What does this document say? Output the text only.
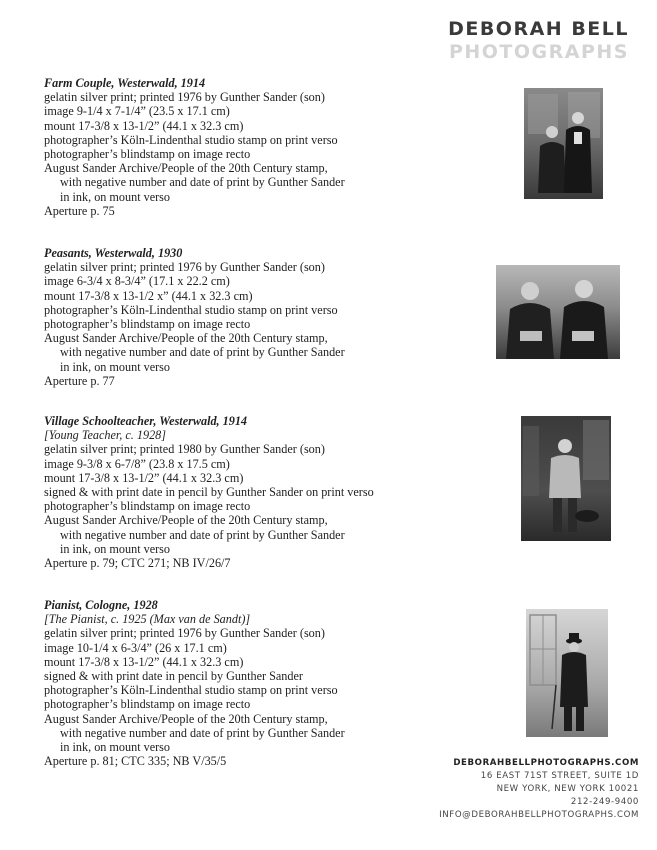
DEBORAH BELL
PHOTOGRAPHS
Farm Couple, Westerwald, 1914
gelatin silver print; printed 1976 by Gunther Sander (son)
image 9-1/4 x 7-1/4” (23.5 x 17.1 cm)
mount 17-3/8 x 13-1/2” (44.1 x 32.3 cm)
photographer’s Köln-Lindenthal studio stamp on print verso
photographer’s blindstamp on image recto
August Sander Archive/People of the 20th Century stamp,
with negative number and date of print by Gunther Sander
in ink, on mount verso
Aperture p. 75
Peasants, Westerwald, 1930
gelatin silver print; printed 1976 by Gunther Sander (son)
image 6-3/4 x 8-3/4” (17.1 x 22.2 cm)
mount 17-3/8 x 13-1/2 x” (44.1 x 32.3 cm)
photographer’s Köln-Lindenthal studio stamp on print verso
photographer’s blindstamp on image recto
August Sander Archive/People of the 20th Century stamp,
with negative number and date of print by Gunther Sander
in ink, on mount verso
Aperture p. 77
Village Schoolteacher, Westerwald, 1914
[Young Teacher, c. 1928]
gelatin silver print; printed 1980 by Gunther Sander (son)
image 9-3/8 x 6-7/8” (23.8 x 17.5 cm)
mount 17-3/8 x 13-1/2” (44.1 x 32.3 cm)
signed & with print date in pencil by Gunther Sander on print verso
photographer’s blindstamp on image recto
August Sander Archive/People of the 20th Century stamp,
with negative number and date of print by Gunther Sander
in ink, on mount verso
Aperture p. 79; CTC 271; NB IV/26/7
Pianist, Cologne, 1928
[The Pianist, c. 1925 (Max van de Sandt)]
gelatin silver print; printed 1976 by Gunther Sander (son)
image 10-1/4 x 6-3/4” (26 x 17.1 cm)
mount 17-3/8 x 13-1/2” (44.1 x 32.3 cm)
signed & with print date in pencil by Gunther Sander
photographer’s Köln-Lindenthal studio stamp on print verso
photographer’s blindstamp on image recto
August Sander Archive/People of the 20th Century stamp,
with negative number and date of print by Gunther Sander
in ink, on mount verso
Aperture p. 81; CTC 335; NB V/35/5	DEBORAHBELLPHOTOGRAPHS.COM
16 EAST 71ST STREET, SUITE 1D
NEW YORK, NEW YORK 10021
212-249-9400
INFO@DEBORAHBELLPHOTOGRAPHS.COM
